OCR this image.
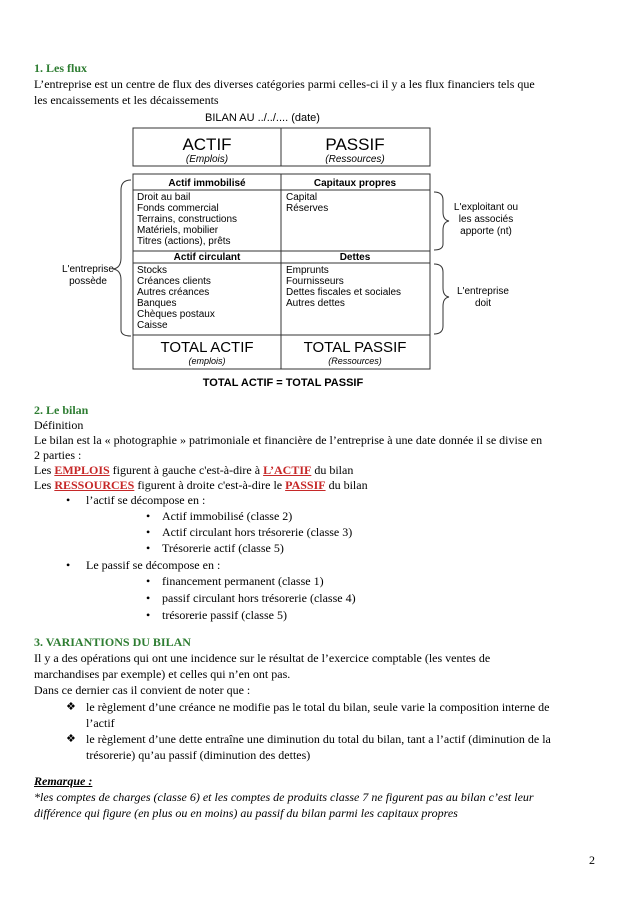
1. Les flux
L’entreprise est un centre de flux des diverses catégories parmi celles-ci il y a les flux financiers tels que
les encaissements et les décaissements
BILAN AU ../../.... (date)
ACTIF
(Emplois)
PASSIF
(Ressources)
Actif immobilisé
Droit au bail
Fonds commercial
Terrains, constructions
Matériels, mobilier
Titres (actions), prêts
Actif circulant
Stocks
Créances clients
Autres créances
Banques
Chèques postaux
Caisse
Capitaux propres
Capital
Réserves
Dettes
Emprunts
Fournisseurs
Dettes fiscales et sociales
Autres dettes
TOTAL ACTIF
(emplois)
TOTAL PASSIF
(Ressources)
L'entreprise
possède
L'exploitant ou
les associés
apporte (nt)
L'entreprise
doit
TOTAL ACTIF = TOTAL PASSIF
2. Le bilan
Définition
Le bilan est la « photographie » patrimoniale et financière de l’entreprise à une date donnée il se divise en
2 parties :
Les EMPLOIS figurent à gauche c'est-à-dire à L’ACTIF du bilan
Les RESSOURCES figurent à droite c'est-à-dire le PASSIF du bilan
• l’actif se décompose en :
• Actif immobilisé (classe 2)
• Actif circulant hors trésorerie (classe 3)
• Trésorerie actif (classe 5)
• Le passif se décompose en :
• financement permanent (classe 1)
• passif circulant hors trésorerie (classe 4)
• trésorerie passif (classe 5)
3. VARIANTIONS DU BILAN
Il y a des opérations qui ont une incidence sur le résultat de l’exercice comptable (les ventes de
marchandises par exemple) et celles qui n’en ont pas.
Dans ce dernier cas il convient de noter que :
❖ le règlement d’une créance ne modifie pas le total du bilan, seule varie la composition interne de
l’actif
❖ le règlement d’une dette entraîne une diminution du total du bilan, tant a l’actif (diminution de la
trésorerie) qu’au passif (diminution des dettes)
Remarque :
*les comptes de charges (classe 6) et les comptes de produits classe 7 ne figurent pas au bilan c’est leur
différence qui figure (en plus ou en moins) au passif du bilan parmi les capitaux propres
2
